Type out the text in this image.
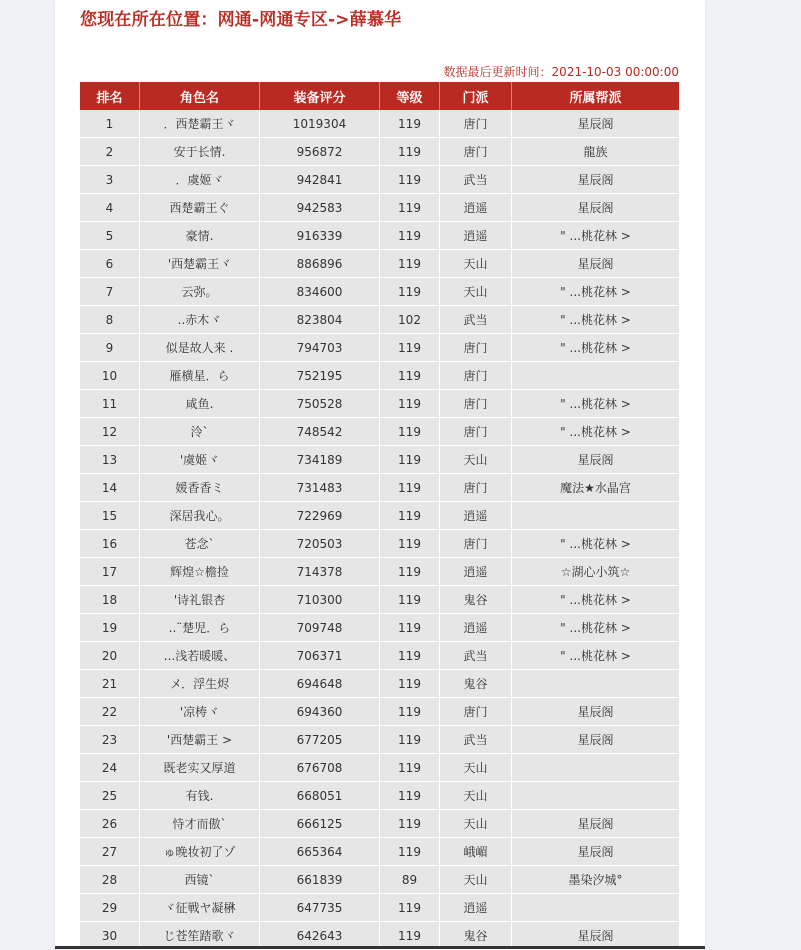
您现在所在位置：网通-网通专区->薛慕华
数据最后更新时间：2021-10-03 00:00:00
排名	角色名	装备评分	等级	门派	所属帮派
1	．西楚霸王ヾ	1019304	119	唐门	星辰阁
2	安于长情.	956872	119	唐门	龍族
3	．虞姬ヾ	942841	119	武当	星辰阁
4	西楚霸王ぐ	942583	119	逍遥	星辰阁
5	豪情.	916339	119	逍遥	" ...桃花林 >
6	'西楚霸王ヾ	886896	119	天山	星辰阁
7	云弥。	834600	119	天山	" ...桃花林 >
8	..赤木ヾ	823804	102	武当	" ...桃花林 >
9	似是故人来 .	794703	119	唐门	" ...桃花林 >
10	雁横星．ら	752195	119	唐门	
11	咸鱼.	750528	119	唐门	" ...桃花林 >
12	泠`	748542	119	唐门	" ...桃花林 >
13	'虞姬ヾ	734189	119	天山	星辰阁
14	媛香香ミ	731483	119	唐门	魔法★水晶宫
15	深居我心。	722969	119	逍遥	
16	苍念`	720503	119	唐门	" ...桃花林 >
17	辉煌☆檐捡	714378	119	逍遥	☆湖心小筑☆
18	'诗礼银杏	710300	119	鬼谷	" ...桃花林 >
19	..¨楚児．ら	709748	119	逍遥	" ...桃花林 >
20	...浅若暖暖、	706371	119	武当	" ...桃花林 >
21	メ．浮生烬	694648	119	鬼谷	
22	'凉梼ヾ	694360	119	唐门	星辰阁
23	'西楚霸王 >	677205	119	武当	星辰阁
24	既老实又厚道	676708	119	天山	
25	有钱.	668051	119	天山	
26	恃才而傲`	666125	119	天山	星辰阁
27	ゅ晚妆初了ゾ	665364	119	峨嵋	星辰阁
28	西镜`	661839	89	天山	墨染汐城°
29	ヾ征戦ヤ凝楙	647735	119	逍遥	
30	じ苍笙踏歌ヾ	642643	119	鬼谷	星辰阁
